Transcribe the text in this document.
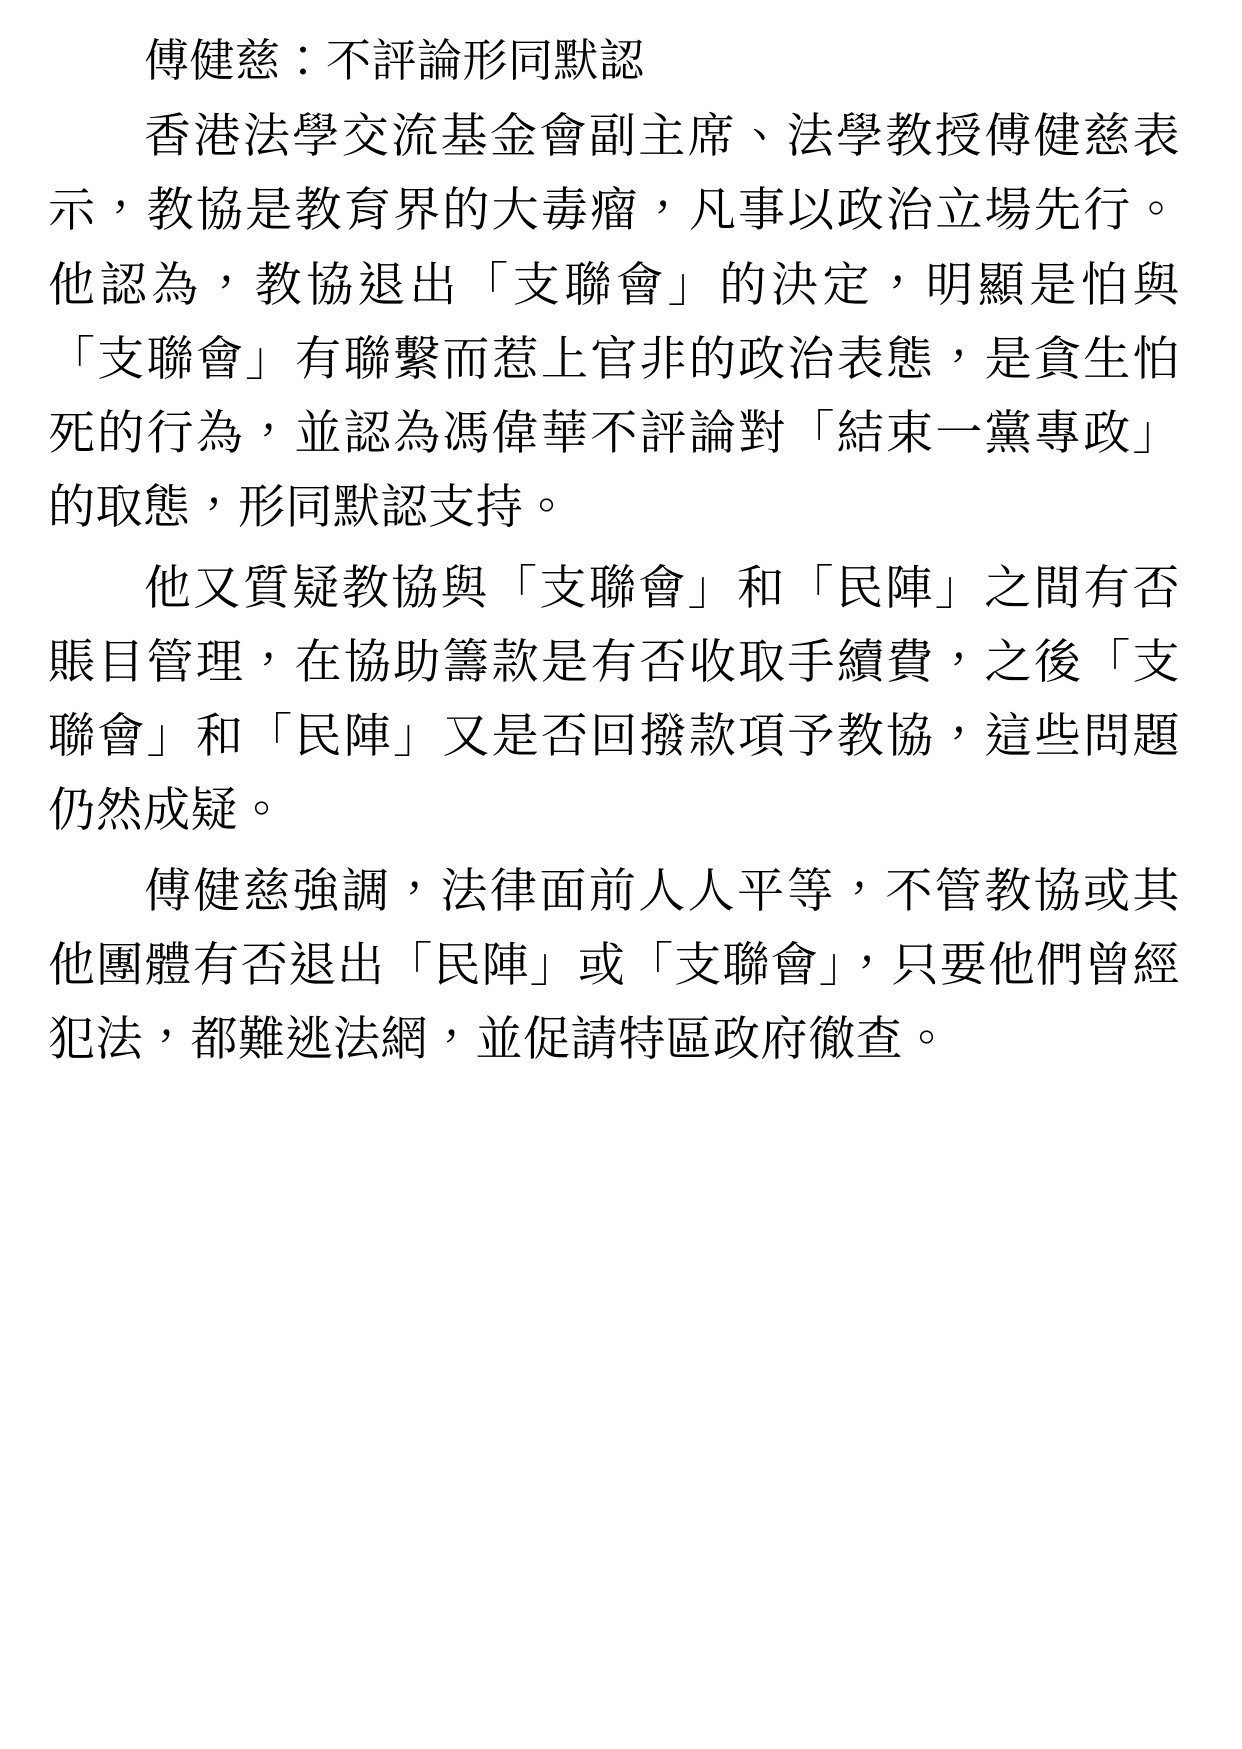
傅健慈：不評論形同默認

香港法學交流基金會副主席、法學教授傅健慈表示，教協是教育界的大毒瘤，凡事以政治立場先行。他認為，教協退出「支聯會」的決定，明顯是怕與「支聯會」有聯繫而惹上官非的政治表態，是貪生怕死的行為，並認為馮偉華不評論對「結束一黨專政」的取態，形同默認支持。

他又質疑教協與「支聯會」和「民陣」之間有否賬目管理，在協助籌款是有否收取手續費，之後「支聯會」和「民陣」又是否回撥款項予教協，這些問題仍然成疑。

傅健慈強調，法律面前人人平等，不管教協或其他團體有否退出「民陣」或「支聯會」，只要他們曾經犯法，都難逃法網，並促請特區政府徹查。
